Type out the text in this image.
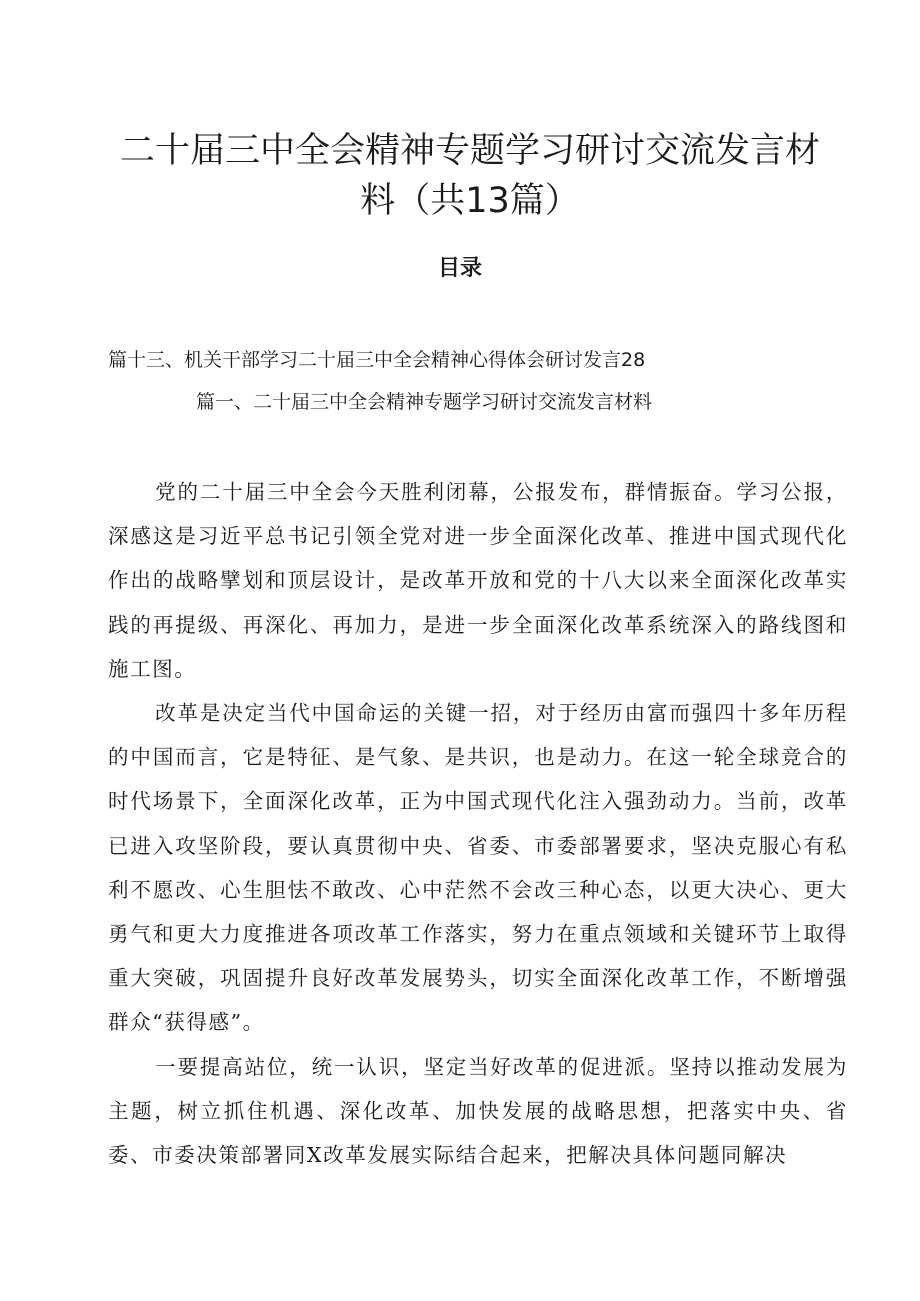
二十届三中全会精神专题学习研讨交流发言材料（共13篇）
目录
篇十三、机关干部学习二十届三中全会精神心得体会研讨发言28
篇一、二十届三中全会精神专题学习研讨交流发言材料

党的二十届三中全会今天胜利闭幕，公报发布，群情振奋。学习公报，深感这是习近平总书记引领全党对进一步全面深化改革、推进中国式现代化作出的战略擘划和顶层设计，是改革开放和党的十八大以来全面深化改革实践的再提级、再深化、再加力，是进一步全面深化改革系统深入的路线图和施工图。

改革是决定当代中国命运的关键一招，对于经历由富而强四十多年历程的中国而言，它是特征、是气象、是共识，也是动力。在这一轮全球竞合的时代场景下，全面深化改革，正为中国式现代化注入强劲动力。当前，改革已进入攻坚阶段，要认真贯彻中央、省委、市委部署要求，坚决克服心有私利不愿改、心生胆怯不敢改、心中茫然不会改三种心态，以更大决心、更大勇气和更大力度推进各项改革工作落实，努力在重点领域和关键环节上取得重大突破，巩固提升良好改革发展势头，切实全面深化改革工作，不断增强群众“获得感”。

一要提高站位，统一认识，坚定当好改革的促进派。坚持以推动发展为主题，树立抓住机遇、深化改革、加快发展的战略思想，把落实中央、省委、市委决策部署同X改革发展实际结合起来，把解决具体问题同解决
